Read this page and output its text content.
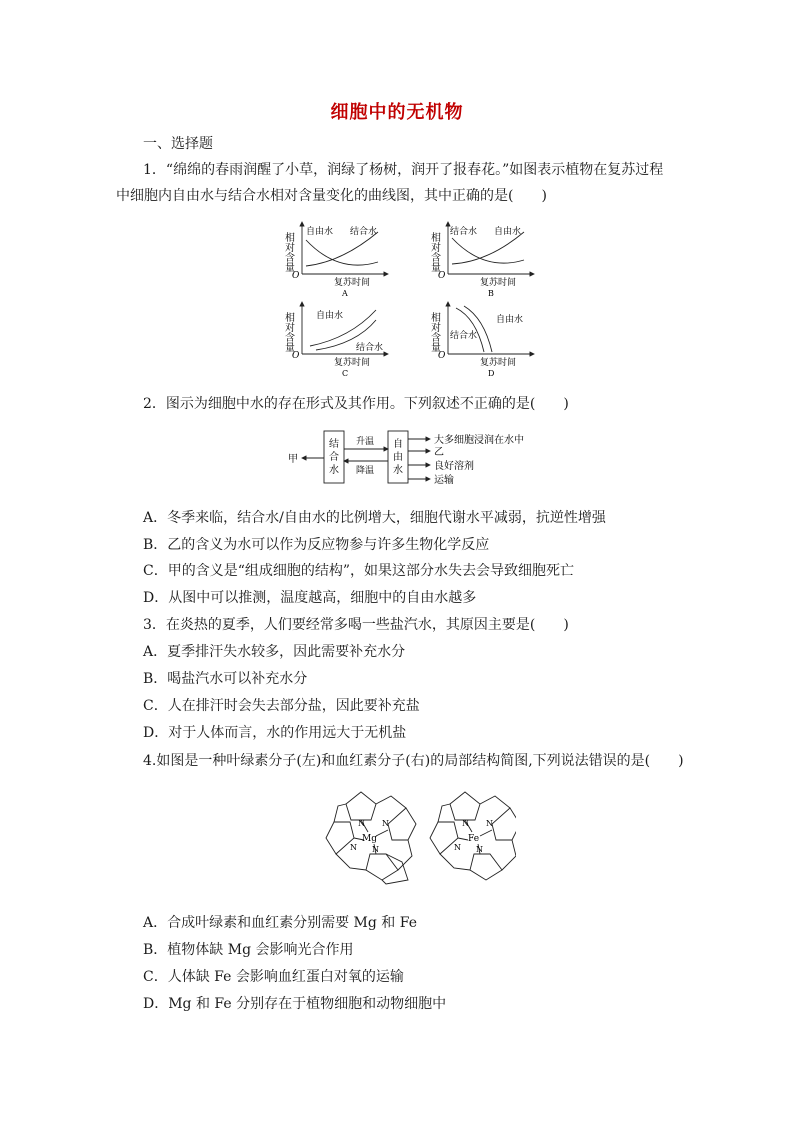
细胞中的无机物
一、选择题
1．“绵绵的春雨润醒了小草，润绿了杨树，润开了报春花。”如图表示植物在复苏过程
中细胞内自由水与结合水相对含量变化的曲线图，其中正确的是(　　)
相对含量
O
自由水 结合水
复苏时间
A
相对含量
O
结合水 自由水
复苏时间
B
相对含量
O
自由水
结合水
复苏时间
C
相对含量
O
自由水
结合水
复苏时间
D
2．图示为细胞中水的存在形式及其作用。下列叙述不正确的是(　　)
甲
结
合
水
升温
降温
自
由
水
大多细胞浸润在水中
乙
良好溶剂
运输
A．冬季来临，结合水/自由水的比例增大，细胞代谢水平减弱，抗逆性增强
B．乙的含义为水可以作为反应物参与许多生物化学反应
C．甲的含义是“组成细胞的结构”，如果这部分水失去会导致细胞死亡
D．从图中可以推测，温度越高，细胞中的自由水越多
3．在炎热的夏季，人们要经常多喝一些盐汽水，其原因主要是(　　)
A．夏季排汗失水较多，因此需要补充水分
B．喝盐汽水可以补充水分
C．人在排汗时会失去部分盐，因此要补充盐
D．对于人体而言，水的作用远大于无机盐
4.如图是一种叶绿素分子(左)和血红素分子(右)的局部结构简图,下列说法错误的是(　　)
N N
N N
Mg
N N
N N
Fe
A．合成叶绿素和血红素分别需要 Mg 和 Fe
B．植物体缺 Mg 会影响光合作用
C．人体缺 Fe 会影响血红蛋白对氧的运输
D．Mg 和 Fe 分别存在于植物细胞和动物细胞中
